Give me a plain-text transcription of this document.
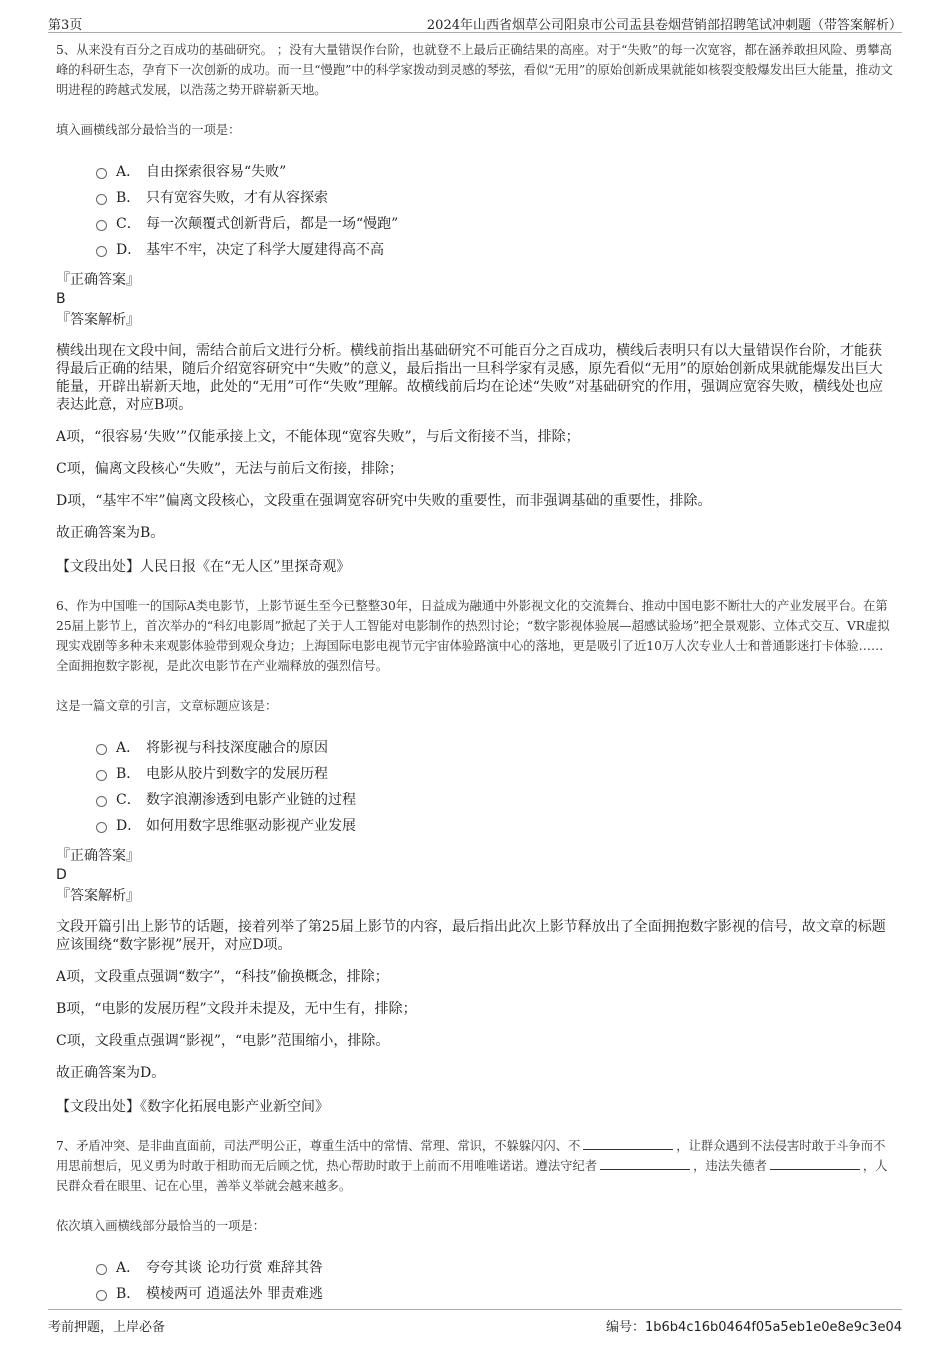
第3页	2024年山西省烟草公司阳泉市公司盂县卷烟营销部招聘笔试冲刺题（带答案解析）

5、从来没有百分之百成功的基础研究。 ；没有大量错误作台阶，也就登不上最后正确结果的高座。对于“失败”的每一次宽容，都在涵养敢担风险、勇攀高峰的科研生态，孕育下一次创新的成功。而一旦“慢跑”中的科学家拨动到灵感的琴弦，看似“无用”的原始创新成果就能如核裂变般爆发出巨大能量，推动文明进程的跨越式发展，以浩荡之势开辟崭新天地。

填入画横线部分最恰当的一项是：

A． 自由探索很容易“失败”
B． 只有宽容失败，才有从容探索
C． 每一次颠覆式创新背后，都是一场“慢跑”
D． 基牢不牢，决定了科学大厦建得高不高

『正确答案』

B

『答案解析』

横线出现在文段中间，需结合前后文进行分析。横线前指出基础研究不可能百分之百成功，横线后表明只有以大量错误作台阶，才能获得最后正确的结果，随后介绍宽容研究中“失败”的意义，最后指出一旦科学家有灵感，原先看似“无用”的原始创新成果就能爆发出巨大能量，开辟出崭新天地，此处的“无用”可作“失败”理解。故横线前后均在论述“失败”对基础研究的作用，强调应宽容失败，横线处也应表达此意，对应B项。

A项，“很容易‘失败’”仅能承接上文，不能体现“宽容失败”，与后文衔接不当，排除；

C项，偏离文段核心“失败”，无法与前后文衔接，排除；

D项，“基牢不牢”偏离文段核心，文段重在强调宽容研究中失败的重要性，而非强调基础的重要性，排除。

故正确答案为B。

【文段出处】人民日报《在“无人区”里探奇观》

6、作为中国唯一的国际A类电影节，上影节诞生至今已整整30年，日益成为融通中外影视文化的交流舞台、推动中国电影不断壮大的产业发展平台。在第25届上影节上，首次举办的“科幻电影周”掀起了关于人工智能对电影制作的热烈讨论；“数字影视体验展—超感试验场”把全景观影、立体式交互、VR虚拟现实戏剧等多种未来观影体验带到观众身边；上海国际电影电视节元宇宙体验路演中心的落地，更是吸引了近10万人次专业人士和普通影迷打卡体验……全面拥抱数字影视，是此次电影节在产业端释放的强烈信号。

这是一篇文章的引言，文章标题应该是：

A． 将影视与科技深度融合的原因
B． 电影从胶片到数字的发展历程
C． 数字浪潮渗透到电影产业链的过程
D． 如何用数字思维驱动影视产业发展

『正确答案』

D

『答案解析』

文段开篇引出上影节的话题，接着列举了第25届上影节的内容，最后指出此次上影节释放出了全面拥抱数字影视的信号，故文章的标题应该围绕“数字影视”展开，对应D项。

A项，文段重点强调“数字”，“科技”偷换概念，排除；

B项，“电影的发展历程”文段并未提及，无中生有，排除；

C项，文段重点强调“影视”，“电影”范围缩小，排除。

故正确答案为D。

【文段出处】《数字化拓展电影产业新空间》

7、矛盾冲突、是非曲直面前，司法严明公正，尊重生活中的常情、常理、常识，不躲躲闪闪、不	，让群众遇到不法侵害时敢于斗争而不用思前想后，见义勇为时敢于相助而无后顾之忧，热心帮助时敢于上前而不用唯唯诺诺。遵法守纪者	，违法失德者	，人民群众看在眼里、记在心里，善举义举就会越来越多。

依次填入画横线部分最恰当的一项是：

A． 夸夸其谈 论功行赏 难辞其咎
B． 模棱两可 逍遥法外 罪责难逃
考前押题，上岸必备	编号：1b6b4c16b0464f05a5eb1e0e8e9c3e04
